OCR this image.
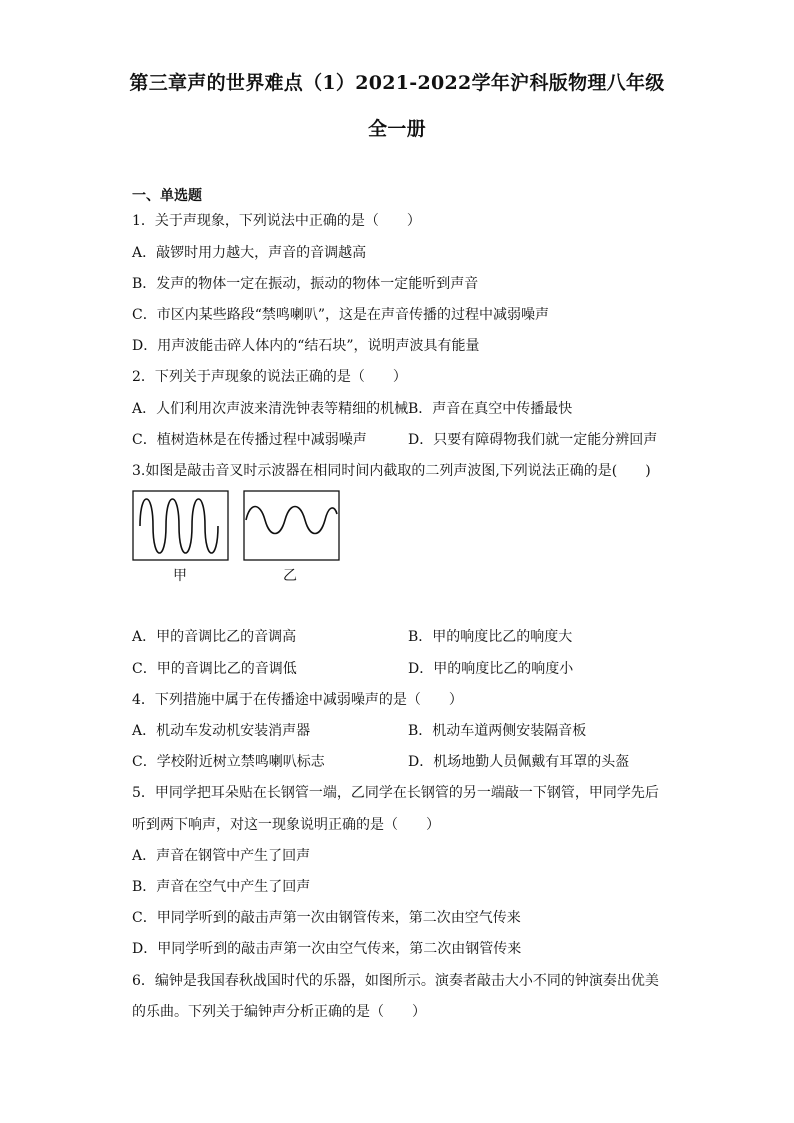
第三章声的世界难点（1）2021-2022学年沪科版物理八年级
全一册
一、单选题
1．关于声现象，下列说法中正确的是（　　）
A．敲锣时用力越大，声音的音调越高
B．发声的物体一定在振动，振动的物体一定能听到声音
C．市区内某些路段“禁鸣喇叭”，这是在声音传播的过程中减弱噪声
D．用声波能击碎人体内的“结石块”，说明声波具有能量
2．下列关于声现象的说法正确的是（　　）
A．人们利用次声波来清洗钟表等精细的机械 B．声音在真空中传播最快
C．植树造林是在传播过程中减弱噪声	D．只要有障碍物我们就一定能分辨回声
3.如图是敲击音叉时示波器在相同时间内截取的二列声波图,下列说法正确的是(　　)
甲	乙
A．甲的音调比乙的音调高	B．甲的响度比乙的响度大
C．甲的音调比乙的音调低	D．甲的响度比乙的响度小
4．下列措施中属于在传播途中减弱噪声的是（　　）
A．机动车发动机安装消声器	B．机动车道两侧安装隔音板
C．学校附近树立禁鸣喇叭标志	D．机场地勤人员佩戴有耳罩的头盔
5．甲同学把耳朵贴在长钢管一端，乙同学在长钢管的另一端敲一下钢管，甲同学先后
听到两下响声，对这一现象说明正确的是（　　）
A．声音在钢管中产生了回声
B．声音在空气中产生了回声
C．甲同学听到的敲击声第一次由钢管传来，第二次由空气传来
D．甲同学听到的敲击声第一次由空气传来，第二次由钢管传来
6．编钟是我国春秋战国时代的乐器，如图所示。演奏者敲击大小不同的钟演奏出优美
的乐曲。下列关于编钟声分析正确的是（　　）
